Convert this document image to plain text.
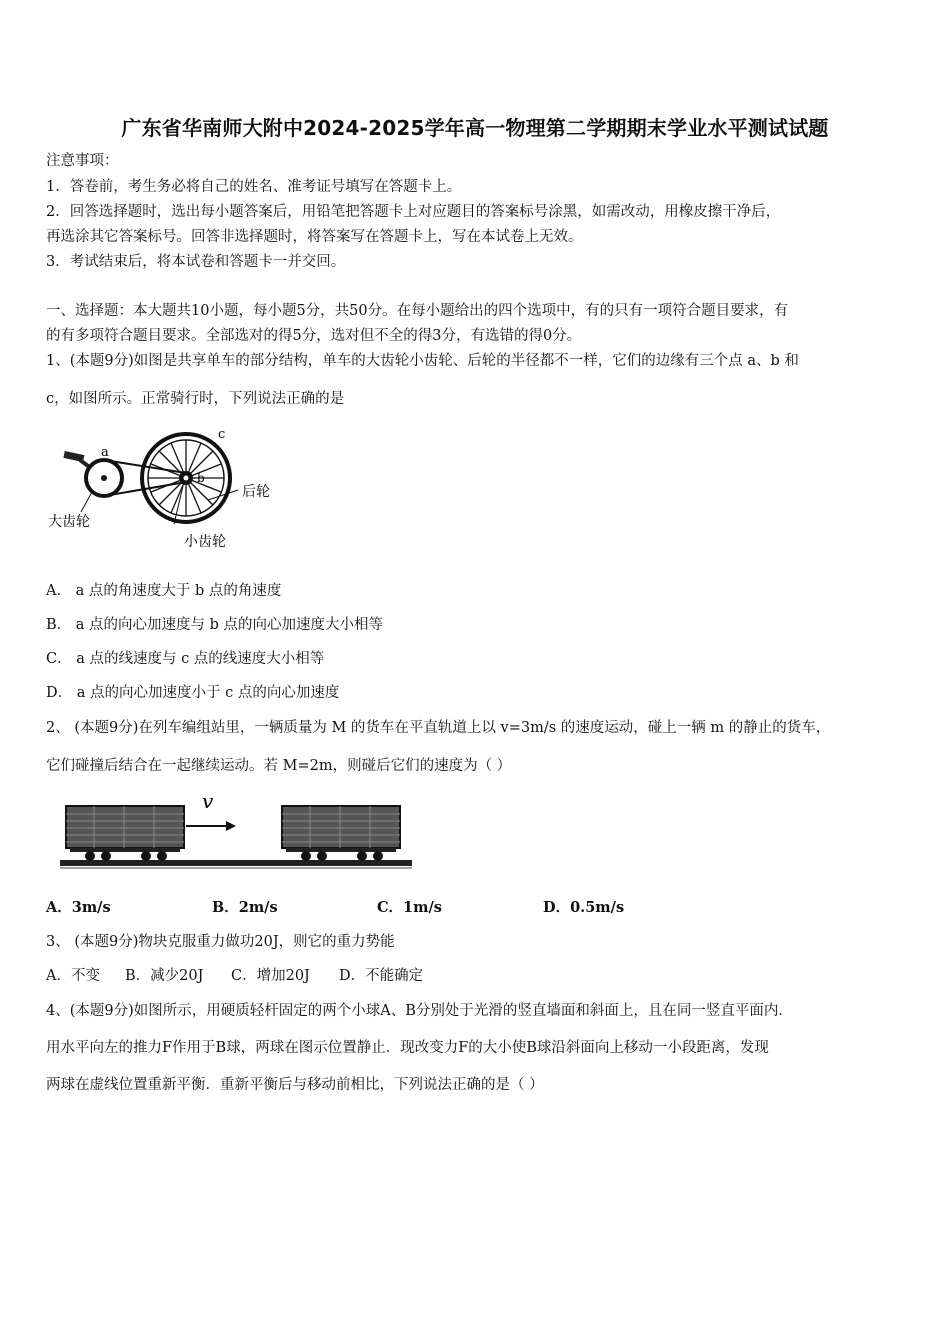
广东省华南师大附中2024-2025学年高一物理第二学期期末学业水平测试试题
注意事项：
1．答卷前，考生务必将自己的姓名、准考证号填写在答题卡上。
2．回答选择题时，选出每小题答案后，用铅笔把答题卡上对应题目的答案标号涂黑，如需改动，用橡皮擦干净后，
再选涂其它答案标号。回答非选择题时，将答案写在答题卡上，写在本试卷上无效。
3．考试结束后，将本试卷和答题卡一并交回。
一、选择题：本大题共10小题，每小题5分，共50分。在每小题给出的四个选项中，有的只有一项符合题目要求，有
的有多项符合题目要求。全部选对的得5分，选对但不全的得3分，有选错的得0分。
1、(本题9分)如图是共享单车的部分结构，单车的大齿轮小齿轮、后轮的半径都不一样，它们的边缘有三个点 a、b 和
c，如图所示。正常骑行时，下列说法正确的是
a
b
c
后轮
大齿轮
小齿轮
A． a 点的角速度大于 b 点的角速度
B． a 点的向心加速度与 b 点的向心加速度大小相等
C． a 点的线速度与 c 点的线速度大小相等
D． a 点的向心加速度小于 c 点的向心加速度
2、 (本题9分)在列车编组站里，一辆质量为 M 的货车在平直轨道上以 v=3m/s 的速度运动，碰上一辆 m 的静止的货车，
它们碰撞后结合在一起继续运动。若 M=2m，则碰后它们的速度为（ ）
v
A．3m/s	B．2m/s	C．1m/s	D．0.5m/s
3、 (本题9分)物块克服重力做功20J，则它的重力势能
A．不变 B．减少20J C．增加20J D．不能确定
4、(本题9分)如图所示，用硬质轻杆固定的两个小球A、B分别处于光滑的竖直墙面和斜面上，且在同一竖直平面内．
用水平向左的推力F作用于B球，两球在图示位置静止．现改变力F的大小使B球沿斜面向上移动一小段距离，发现
两球在虚线位置重新平衡．重新平衡后与移动前相比，下列说法正确的是（ ）
